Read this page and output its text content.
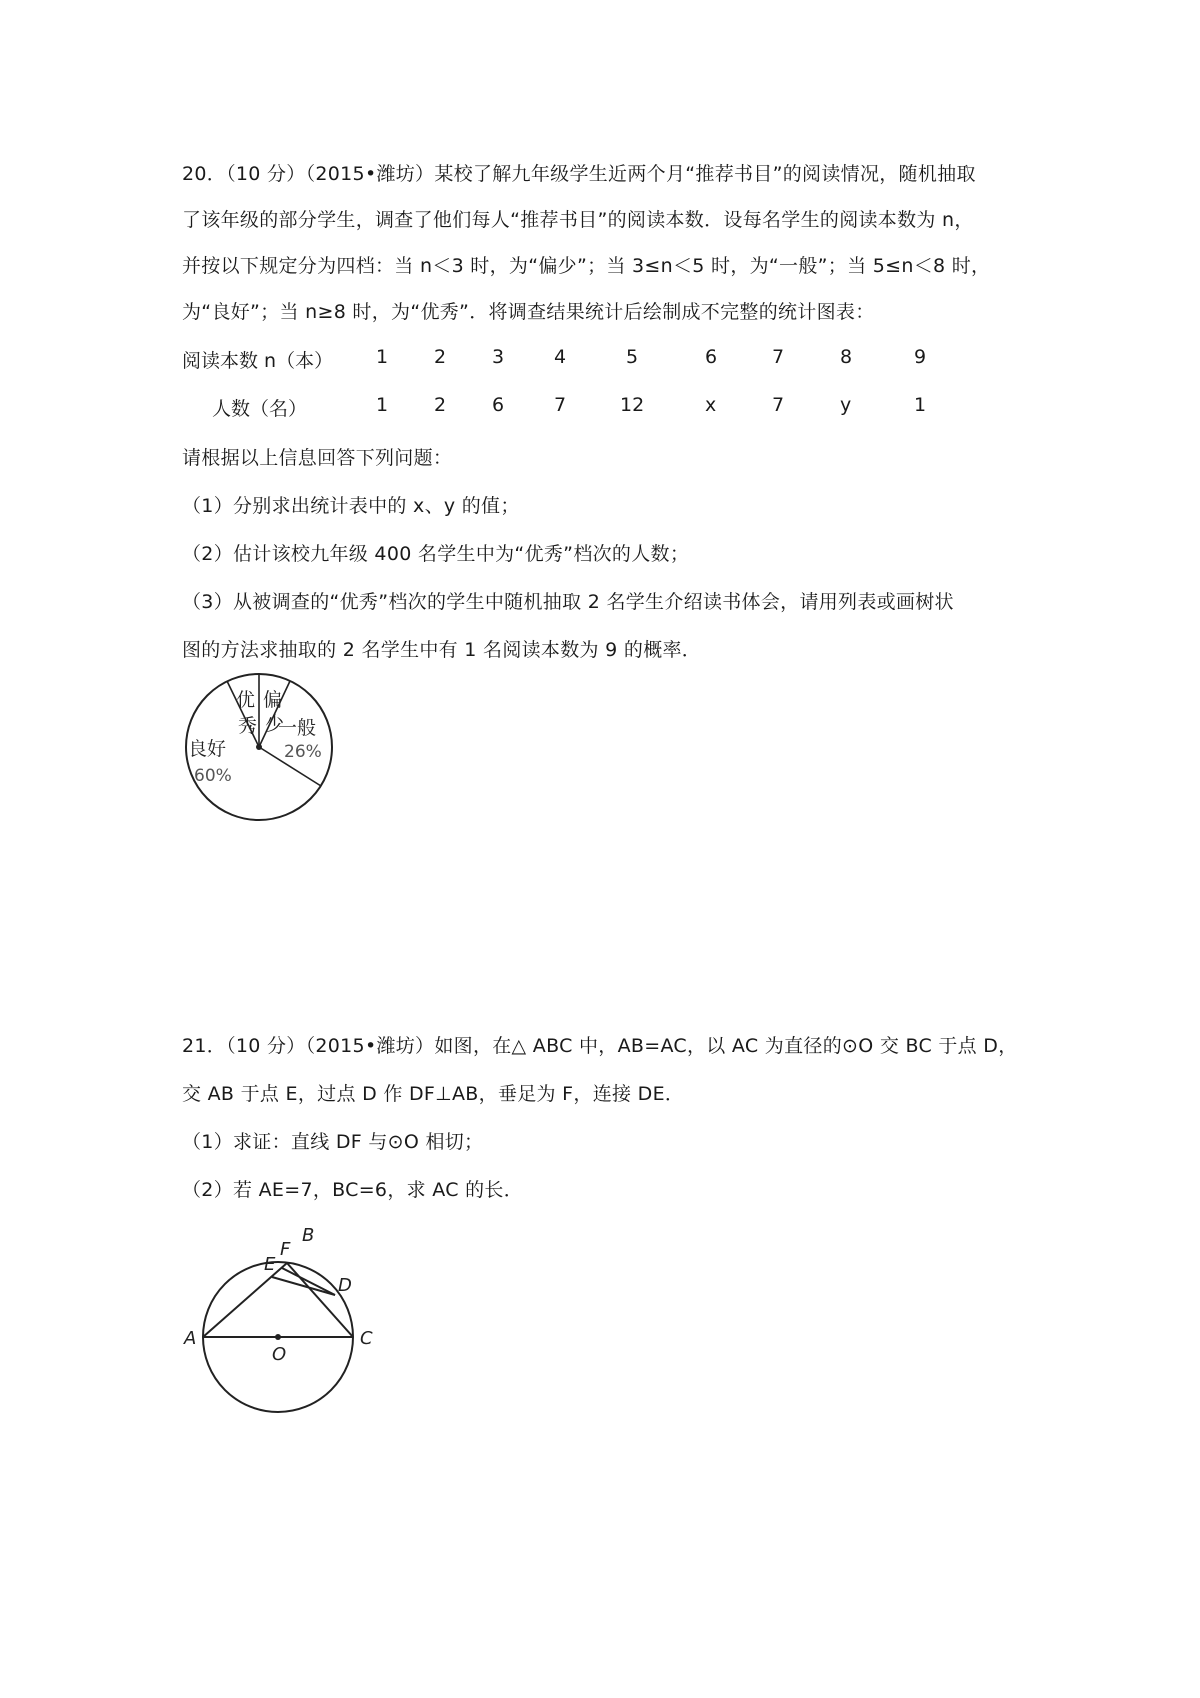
20．（10 分）（2015•潍坊）某校了解九年级学生近两个月“推荐书目”的阅读情况，随机抽取
了该年级的部分学生，调查了他们每人“推荐书目”的阅读本数．设每名学生的阅读本数为 n，
并按以下规定分为四档：当 n＜3 时，为“偏少”；当 3≤n＜5 时，为“一般”；当 5≤n＜8 时，
为“良好”；当 n≥8 时，为“优秀”．将调查结果统计后绘制成不完整的统计图表：
阅读本数 n（本） 1 2 3	4	5	6	7	8	9
人数（名）	1 2 6	7	12	x	7	y	1
请根据以上信息回答下列问题：
（1）分别求出统计表中的 x、y 的值；
（2）估计该校九年级 400 名学生中为“优秀”档次的人数；
（3）从被调查的“优秀”档次的学生中随机抽取 2 名学生介绍读书体会，请用列表或画树状
图的方法求抽取的 2 名学生中有 1 名阅读本数为 9 的概率．
优
秀
偏
少
一般
26%
良好
60%
21．（10 分）（2015•潍坊）如图，在△ ABC 中，AB=AC，以 AC 为直径的⊙O 交 BC 于点 D，
交 AB 于点 E，过点 D 作 DF⊥AB，垂足为 F，连接 DE．
（1）求证：直线 DF 与⊙O 相切；
（2）若 AE=7，BC=6，求 AC 的长．
A
B
C
D
E
F
O
